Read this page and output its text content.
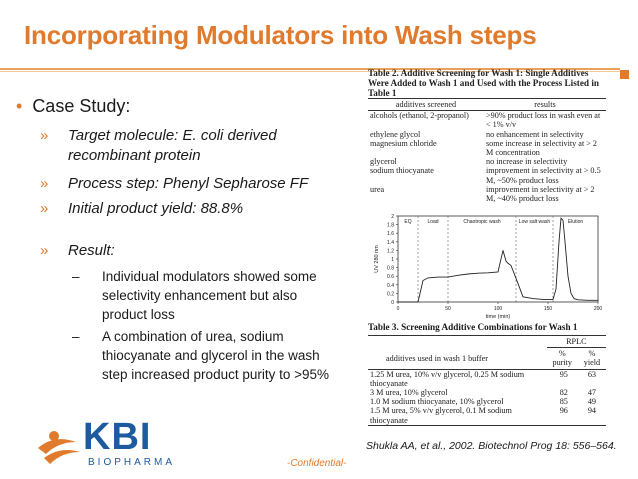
Incorporating Modulators into Wash steps
• Case Study:
» Target molecule: E. coli derived recombinant protein
» Process step: Phenyl Sepharose FF
» Initial product yield: 88.8%
» Result:
– Individual modulators showed some selectivity enhancement but also product loss
– A combination of urea, sodium thiocyanate and glycerol in the wash step increased product purity to >95%
Table 2. Additive Screening for Wash 1: Single Additives Were Added to Wash 1 and Used with the Process Listed in Table 1
additives screened	results
alcohols (ethanol, 2-propanol)	>90% product loss in wash even at < 1% v/v
ethylene glycol	no enhancement in selectivity
magnesium chloride	some increase in selectivity at > 2 M concentration
glycerol	no increase in selectivity
sodium thiocyanate	improvement in selectivity at > 0.5 M, ~50% product loss
urea	improvement in selectivity at > 2 M, ~40% product loss
EQ	Load	Chaotropic wash	Low salt wash	Elution
0
0.2
0.4
0.6
0.8
1
1.2
1.4
1.6
1.8
2
0	50	100	150	200
time (min)
UV 280 nm
Table 3. Screening Additive Combinations for Wash 1
	RPLC	
additives used in wash 1 buffer	% purity	% yield
1.25 M urea, 10% v/v glycerol, 0.25 M sodium thiocyanate	95	63
3 M urea, 10% glycerol	82	47
1.0 M sodium thiocyanate, 10% glycerol	85	49
1.5 M urea, 5% v/v glycerol, 0.1 M sodium thiocyanate	96	94
Shukla AA, et al., 2002. Biotechnol Prog 18: 556–564.
-Confidential-
KBI
BIOPHARMA
